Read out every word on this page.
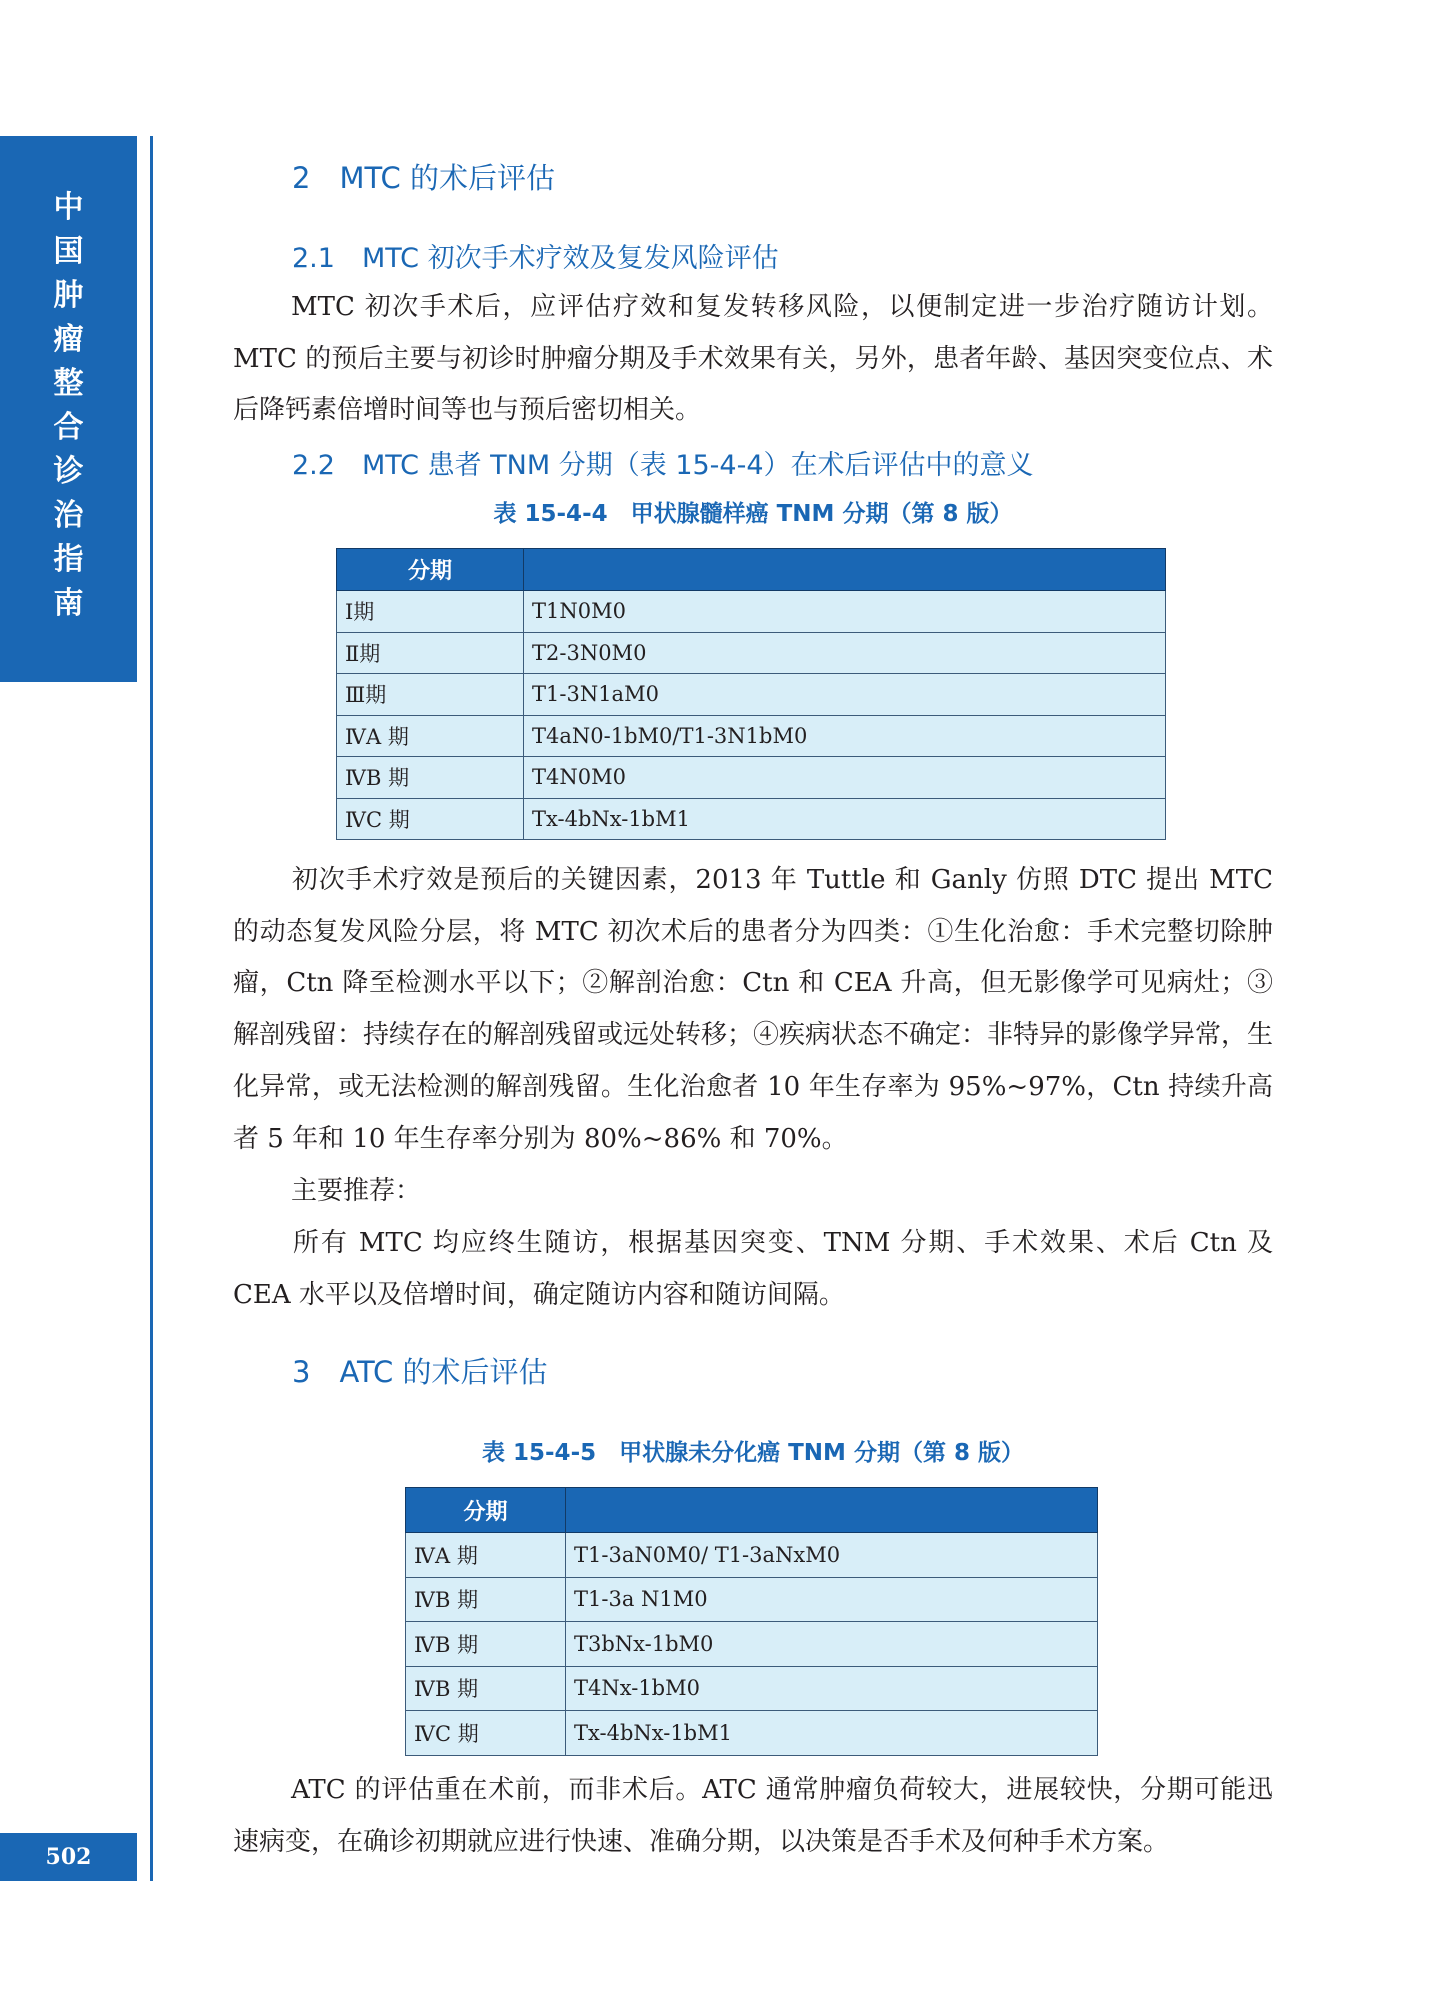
中
国
肿
瘤
整
合
诊
治
指
南
502
2　MTC 的术后评估
2.1　MTC 初次手术疗效及复发风险评估

MTC 初次手术后，应评估疗效和复发转移风险，以便制定进一步治疗随访计划。MTC 的预后主要与初诊时肿瘤分期及手术效果有关，另外，患者年龄、基因突变位点、术后降钙素倍增时间等也与预后密切相关。

2.2　MTC 患者 TNM 分期（表 15-4-4）在术后评估中的意义
表 15-4-4　甲状腺髓样癌 TNM 分期（第 8 版）
分期	
Ⅰ期	T1N0M0
Ⅱ期	T2-3N0M0
Ⅲ期	T1-3N1aM0
ⅣA 期	T4aN0-1bM0/T1-3N1bM0
ⅣB 期	T4N0M0
ⅣC 期	Tx-4bNx-1bM1

初次手术疗效是预后的关键因素，2013 年 Tuttle 和 Ganly 仿照 DTC 提出 MTC 的动态复发风险分层，将 MTC 初次术后的患者分为四类：①生化治愈：手术完整切除肿瘤，Ctn 降至检测水平以下；②解剖治愈：Ctn 和 CEA 升高，但无影像学可见病灶；③解剖残留：持续存在的解剖残留或远处转移；④疾病状态不确定：非特异的影像学异常，生化异常，或无法检测的解剖残留。生化治愈者 10 年生存率为 95%~97%，Ctn 持续升高者 5 年和 10 年生存率分别为 80%~86% 和 70%。

主要推荐：

所有 MTC 均应终生随访，根据基因突变、TNM 分期、手术效果、术后 Ctn 及 CEA 水平以及倍增时间，确定随访内容和随访间隔。

3　ATC 的术后评估
表 15-4-5　甲状腺未分化癌 TNM 分期（第 8 版）
分期	
ⅣA 期	T1-3aN0M0/ T1-3aNxM0
ⅣB 期	T1-3a N1M0
ⅣB 期	T3bNx-1bM0
ⅣB 期	T4Nx-1bM0
ⅣC 期	Tx-4bNx-1bM1

ATC 的评估重在术前，而非术后。ATC 通常肿瘤负荷较大，进展较快，分期可能迅速病变，在确诊初期就应进行快速、准确分期，以决策是否手术及何种手术方案。
